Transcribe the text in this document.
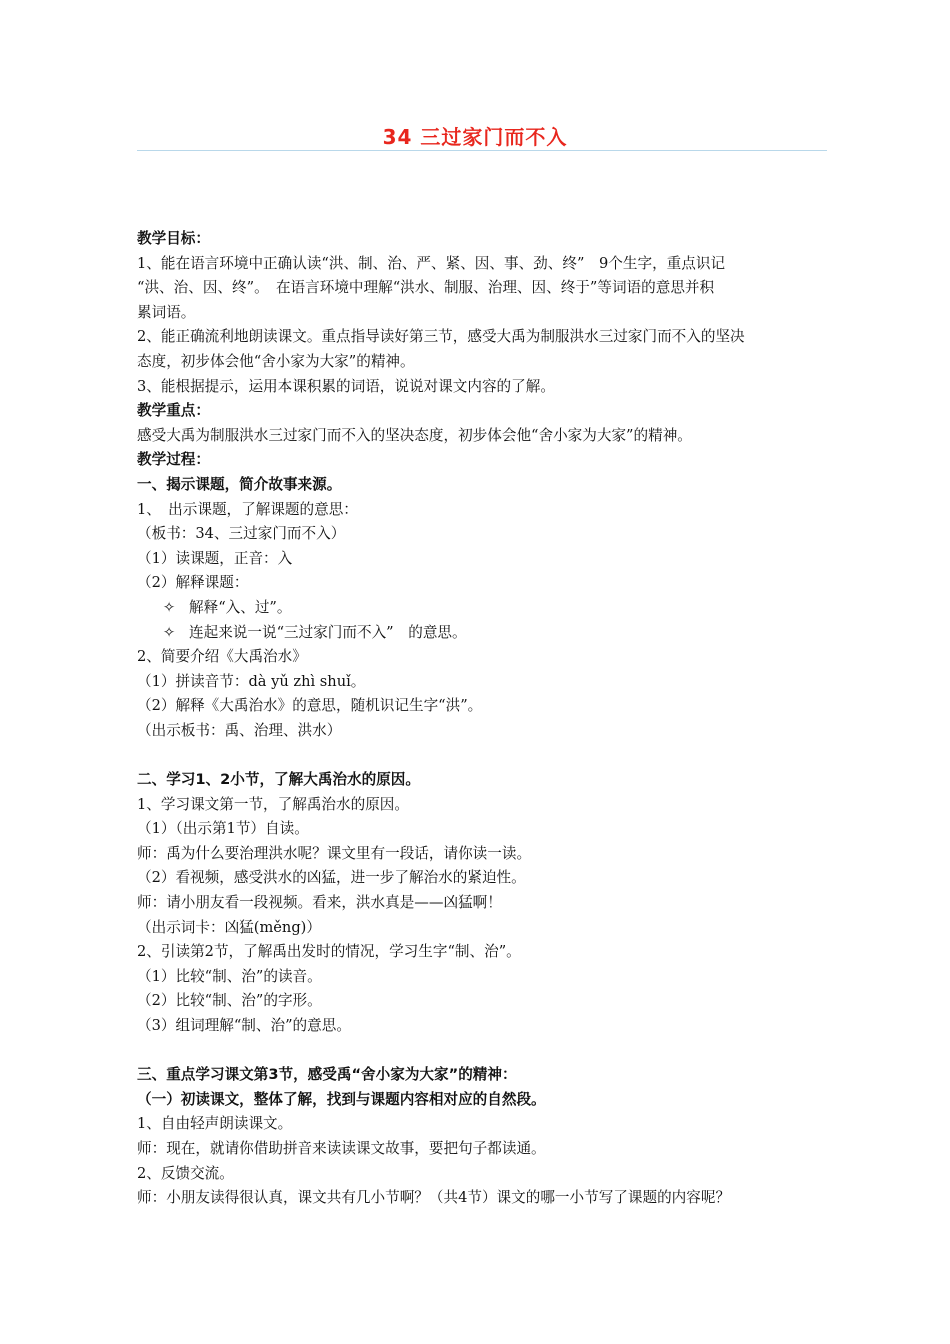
34 三过家门而不入
教学目标：
1、能在语言环境中正确认读“洪、制、治、严、紧、因、事、劲、终”　9个生字，重点识记
“洪、治、因、终”。　在语言环境中理解“洪水、制服、治理、因、终于”等词语的意思并积
累词语。
2、能正确流利地朗读课文。重点指导读好第三节，感受大禹为制服洪水三过家门而不入的坚决
态度，初步体会他“舍小家为大家”的精神。
3、能根据提示，运用本课积累的词语，说说对课文内容的了解。
教学重点：
感受大禹为制服洪水三过家门而不入的坚决态度，初步体会他“舍小家为大家”的精神。
教学过程：
一、揭示课题，简介故事来源。
1、　出示课题，了解课题的意思：
（板书：34、三过家门而不入）
（1）读课题，正音：入
（2）解释课题：
✧ 解释“入、过”。
✧ 连起来说一说“三过家门而不入”　的意思。
2、简要介绍《大禹治水》
（1）拼读音节：dà yǔ zhì shuǐ。
（2）解释《大禹治水》的意思，随机识记生字“洪”。
（出示板书：禹、治理、洪水）
二、学习1、2小节，了解大禹治水的原因。
1、学习课文第一节，了解禹治水的原因。
（1）（出示第1节）自读。
师：禹为什么要治理洪水呢？课文里有一段话，请你读一读。
（2）看视频，感受洪水的凶猛，进一步了解治水的紧迫性。
师：请小朋友看一段视频。看来，洪水真是——凶猛啊！
（出示词卡：凶猛(měng)）
2、引读第2节，了解禹出发时的情况，学习生字“制、治”。
（1）比较“制、治”的读音。
（2）比较“制、治”的字形。
（3）组词理解“制、治”的意思。
三、重点学习课文第3节，感受禹“舍小家为大家”的精神：
（一）初读课文，整体了解，找到与课题内容相对应的自然段。
1、自由轻声朗读课文。
师：现在，就请你借助拼音来读读课文故事，要把句子都读通。
2、反馈交流。
师：小朋友读得很认真，课文共有几小节啊？（共4节）课文的哪一小节写了课题的内容呢？
